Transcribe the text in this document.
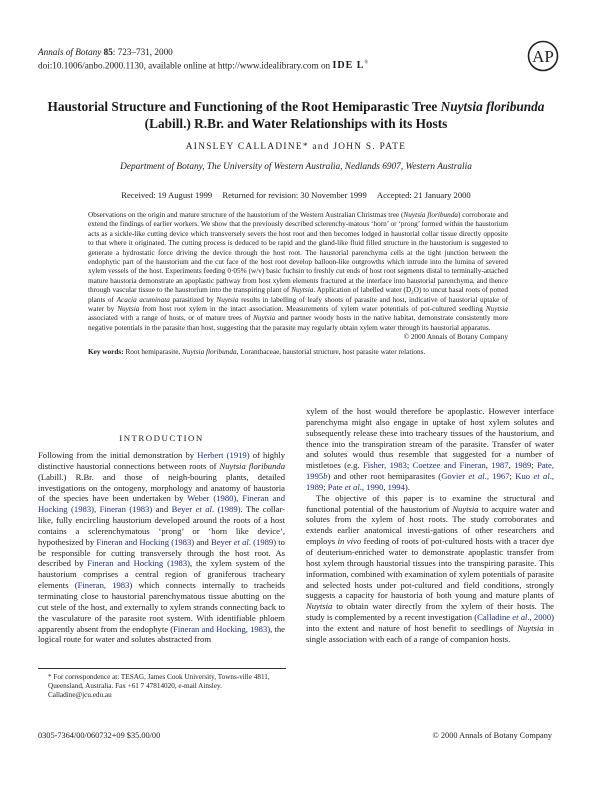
Annals of Botany 85: 723–731, 2000
doi:10.1006/anbo.2000.1130, available online at http://www.idealibrary.com on IDE L®	AP
Haustorial Structure and Functioning of the Root Hemiparastic Tree Nuytsia floribunda
(Labill.) R.Br. and Water Relationships with its Hosts
AINSLEY CALLADINE* and JOHN S. PATE
Department of Botany, The University of Western Australia, Nedlands 6907, Western Australia
Received: 19 August 1999 Returned for revision: 30 November 1999 Accepted: 21 January 2000
Observations on the origin and mature structure of the haustorium of the Western Australian Christmas tree (Nuytsia floribunda) corroborate and extend the findings of earlier workers. We show that the previously described sclerenchy-matous ‘horn’ or ‘prong’ formed within the haustorium acts as a sickle-like cutting device which transversely severs the host root and then becomes lodged in haustorial collar tissue directly opposite to that where it originated. The cutting process is deduced to be rapid and the gland-like fluid filled structure in the haustorium is suggested to generate a hydrostatic force driving the device through the host root. The haustorial parenchyma cells at the tight junction between the endophytic part of the haustorium and the cut face of the host root develop balloon-like outgrowths which intrude into the lumina of severed xylem vessels of the host. Experiments feeding 0·05% (w/v) basic fuchsin to freshly cut ends of host root segments distal to terminally-attached mature haustoria demonstrate an apoplastic pathway from host xylem elements fractured at the interface into haustorial parenchyma, and thence through vascular tissue to the haustorium into the transpiring plant of Nuytsia. Application of labelled water (D₂O) to uncut basal roots of potted plants of Acacia acuminata parasitized by Nuytsia results in labelling of leafy shoots of parasite and host, indicative of haustorial uptake of water by Nuytsia from host root xylem in the intact association. Measurements of xylem water potentials of pot-cultured seedling Nuytsia associated with a range of hosts, or of mature trees of Nuytsia and partner woody hosts in the native habitat, demonstrate consistently more negative potentials in the parasite than host, suggesting that the parasite may regularly obtain xylem water through its haustorial apparatus.
© 2000 Annals of Botany Company
Key words: Root hemiparasite, Nuytsia floribunda, Loranthaceae, haustorial structure, host parasite water relations.
INTRODUCTION
Following from the initial demonstration by Herbert (1919) of highly distinctive haustorial connections between roots of Nuytsia floribunda (Labill.) R.Br. and those of neigh-bouring plants, detailed investigations on the ontogeny, morphology and anatomy of haustoria of the species have been undertaken by Weber (1980), Fineran and Hocking (1983), Fineran (1983) and Beyer et al. (1989). The collar-like, fully encircling haustorium developed around the roots of a host contains a sclerenchymatous ‘prong’ or ‘horn like device’, hypothesized by Fineran and Hocking (1983) and Beyer et al. (1989) to be responsible for cutting transversely through the host root. As described by Fineran and Hocking (1983), the xylem system of the haustorium comprises a central region of graniferous tracheary elements (Fineran, 1983) which connects internally to tracheids terminating close to haustorial parenchymatous tissue abutting on the cut stele of the host, and externally to xylem strands connecting back to the vasculature of the parasite root system. With identifiable phloem apparently absent from the endophyte (Fineran and Hocking, 1983), the logical route for water and solutes abstracted from
xylem of the host would therefore be apoplastic. However interface parenchyma might also engage in uptake of host xylem solutes and subsequently release these into tracheary tissues of the haustorium, and thence into the transpiration stream of the parasite. Transfer of water and solutes would thus resemble that suggested for a number of mistletoes (e.g. Fisher, 1983; Coetzee and Fineran, 1987, 1989; Pate, 1995b) and other root hemiparasites (Govier et al., 1967; Kuo et al., 1989; Pate et al., 1990, 1994).
The objective of this paper is to examine the structural and functional potential of the haustorium of Nuytsia to acquire water and solutes from the xylem of host roots. The study corroborates and extends earlier anatomical investi-gations of other researchers and employs in vivo feeding of roots of pot-cultured hosts with a tracer dye of deuterium-enriched water to demonstrate apoplastic transfer from host xylem through haustorial tissues into the transpiring parasite. This information, combined with examination of xylem potentials of parasite and selected hosts under pot-cultured and field conditions, strongly suggests a capacity for haustoria of both young and mature plants of Nuytsia to obtain water directly from the xylem of their hosts. The study is complemented by a recent investigation (Calladine et al., 2000) into the extent and nature of host benefit to seedlings of Nuytsia in single association with each of a range of companion hosts.
* For correspondence at: TESAG, James Cook University, Towns-ville 4811, Queensland, Australia. Fax +61 7 47814020, e-mail Ainsley. Calladine@jcu.edu.au
0305-7364/00/060732+09 $35.00/00	© 2000 Annals of Botany Company
